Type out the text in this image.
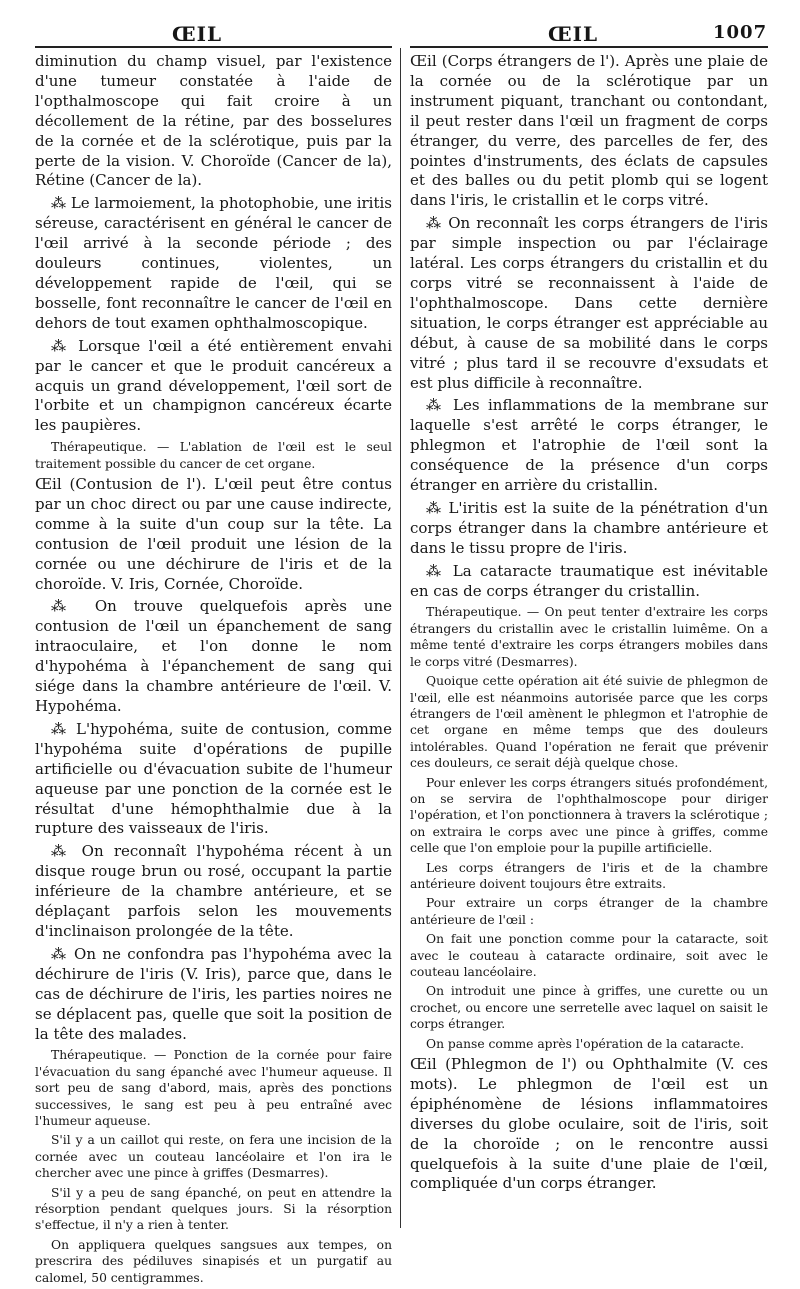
ŒIL	ŒIL	1007

diminution du champ visuel, par l'existence d'une tumeur constatée à l'aide de l'opthalmoscope qui fait croire à un décollement de la rétine, par des bosselures de la cornée et de la sclérotique, puis par la perte de la vision. V. Choroïde (Cancer de la), Rétine (Cancer de la).

⁂ Le larmoiement, la photophobie, une iritis séreuse, caractérisent en général le cancer de l'œil arrivé à la seconde période ; des douleurs continues, violentes, un développement rapide de l'œil, qui se bosselle, font reconnaître le cancer de l'œil en dehors de tout examen ophthalmoscopique.

⁂ Lorsque l'œil a été entièrement envahi par le cancer et que le produit cancéreux a acquis un grand développement, l'œil sort de l'orbite et un champignon cancéreux écarte les paupières.

Thérapeutique. — L'ablation de l'œil est le seul traitement possible du cancer de cet organe.

Œil (Contusion de l'). L'œil peut être contus par un choc direct ou par une cause indirecte, comme à la suite d'un coup sur la tête. La contusion de l'œil produit une lésion de la cornée ou une déchirure de l'iris et de la choroïde. V. Iris, Cornée, Choroïde.

⁂ On trouve quelquefois après une contusion de l'œil un épanchement de sang intraoculaire, et l'on donne le nom d'hypohéma à l'épanchement de sang qui siége dans la chambre antérieure de l'œil. V. Hypohéma.

⁂ L'hypohéma, suite de contusion, comme l'hypohéma suite d'opérations de pupille artificielle ou d'évacuation subite de l'humeur aqueuse par une ponction de la cornée est le résultat d'une hémophthalmie due à la rupture des vaisseaux de l'iris.

⁂ On reconnaît l'hypohéma récent à un disque rouge brun ou rosé, occupant la partie inférieure de la chambre antérieure, et se déplaçant parfois selon les mouvements d'inclinaison prolongée de la tête.

⁂ On ne confondra pas l'hypohéma avec la déchirure de l'iris (V. Iris), parce que, dans le cas de déchirure de l'iris, les parties noires ne se déplacent pas, quelle que soit la position de la tête des malades.

Thérapeutique. — Ponction de la cornée pour faire l'évacuation du sang épanché avec l'humeur aqueuse. Il sort peu de sang d'abord, mais, après des ponctions successives, le sang est peu à peu entraîné avec l'humeur aqueuse.

S'il y a un caillot qui reste, on fera une incision de la cornée avec un couteau lancéolaire et l'on ira le chercher avec une pince à griffes (Desmarres).

S'il y a peu de sang épanché, on peut en attendre la résorption pendant quelques jours. Si la résorption s'effectue, il n'y a rien à tenter.

On appliquera quelques sangsues aux tempes, on prescrira des pédiluves sinapisés et un purgatif au calomel, 50 centigrammes.

Œil (Corps étrangers de l'). Après une plaie de la cornée ou de la sclérotique par un instrument piquant, tranchant ou contondant, il peut rester dans l'œil un fragment de corps étranger, du verre, des parcelles de fer, des pointes d'instruments, des éclats de capsules et des balles ou du petit plomb qui se logent dans l'iris, le cristallin et le corps vitré.

⁂ On reconnaît les corps étrangers de l'iris par simple inspection ou par l'éclairage latéral. Les corps étrangers du cristallin et du corps vitré se reconnaissent à l'aide de l'ophthalmoscope. Dans cette dernière situation, le corps étranger est appréciable au début, à cause de sa mobilité dans le corps vitré ; plus tard il se recouvre d'exsudats et est plus difficile à reconnaître.

⁂ Les inflammations de la membrane sur laquelle s'est arrêté le corps étranger, le phlegmon et l'atrophie de l'œil sont la conséquence de la présence d'un corps étranger en arrière du cristallin.

⁂ L'iritis est la suite de la pénétration d'un corps étranger dans la chambre antérieure et dans le tissu propre de l'iris.

⁂ La cataracte traumatique est inévitable en cas de corps étranger du cristallin.

Thérapeutique. — On peut tenter d'extraire les corps étrangers du cristallin avec le cristallin luimême. On a même tenté d'extraire les corps étrangers mobiles dans le corps vitré (Desmarres).

Quoique cette opération ait été suivie de phlegmon de l'œil, elle est néanmoins autorisée parce que les corps étrangers de l'œil amènent le phlegmon et l'atrophie de cet organe en même temps que des douleurs intolérables. Quand l'opération ne ferait que prévenir ces douleurs, ce serait déjà quelque chose.

Pour enlever les corps étrangers situés profondément, on se servira de l'ophthalmoscope pour diriger l'opération, et l'on ponctionnera à travers la sclérotique ; on extraira le corps avec une pince à griffes, comme celle que l'on emploie pour la pupille artificielle.

Les corps étrangers de l'iris et de la chambre antérieure doivent toujours être extraits.

Pour extraire un corps étranger de la chambre antérieure de l'œil :

On fait une ponction comme pour la cataracte, soit avec le couteau à cataracte ordinaire, soit avec le couteau lancéolaire.

On introduit une pince à griffes, une curette ou un crochet, ou encore une serretelle avec laquel on saisit le corps étranger.

On panse comme après l'opération de la cataracte.

Œil (Phlegmon de l') ou Ophthalmite (V. ces mots). Le phlegmon de l'œil est un épiphénomène de lésions inflammatoires diverses du globe oculaire, soit de l'iris, soit de la choroïde ; on le rencontre aussi quelquefois à la suite d'une plaie de l'œil, compliquée d'un corps étranger.
